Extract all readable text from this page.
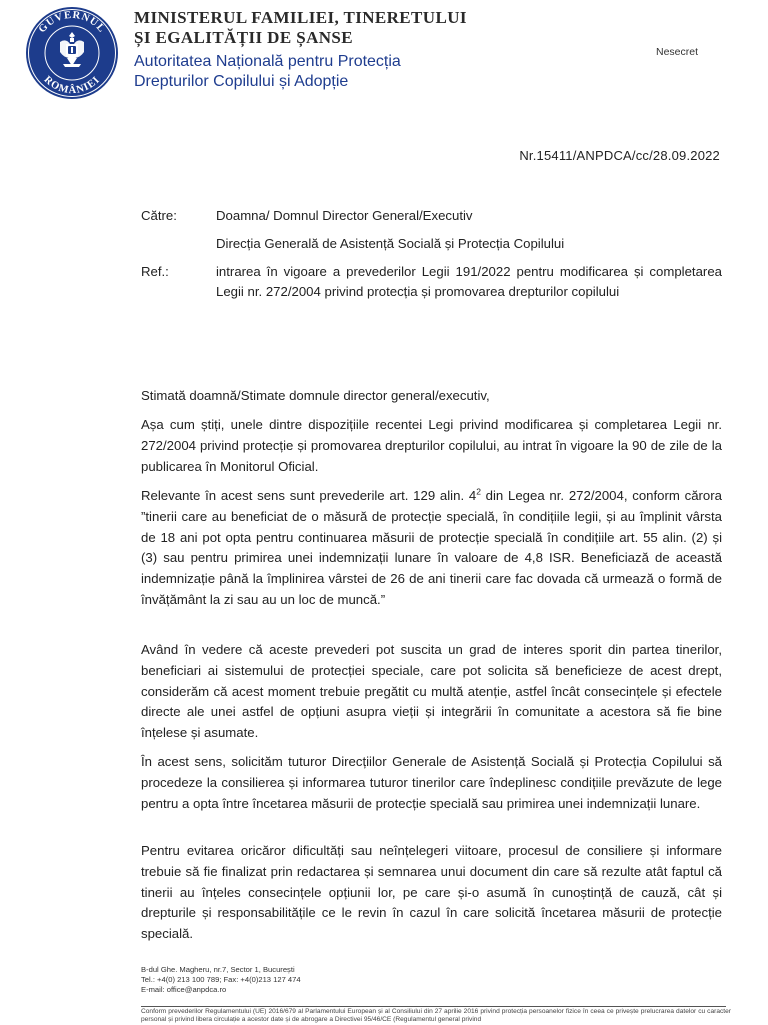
GUVERNUL
ROMÂNIEI
MINISTERUL FAMILIEI, TINERETULUI
ȘI EGALITĂȚII DE ȘANSE
Autoritatea Națională pentru Protecția
Drepturilor Copilului și Adopție
Nesecret
Nr.15411/ANPDCA/cc/28.09.2022
Către:	Doamna/ Domnul Director General/Executiv
Direcția Generală de Asistență Socială și Protecția Copilului
Ref.:	intrarea în vigoare a prevederilor Legii 191/2022 pentru modificarea și completarea Legii nr. 272/2004 privind protecția și promovarea drepturilor copilului

Stimată doamnă/Stimate domnule director general/executiv,

Așa cum știți, unele dintre dispozițiile recentei Legi privind modificarea și completarea Legii nr. 272/2004 privind protecție și promovarea drepturilor copilului, au intrat în vigoare la 90 de zile de la publicarea în Monitorul Oficial.

Relevante în acest sens sunt prevederile art. 129 alin. $4^2$ din Legea nr. 272/2004, conform cărora ”tinerii care au beneficiat de o măsură de protecție specială, în condițiile legii, și au împlinit vârsta de 18 ani pot opta pentru continuarea măsurii de protecție specială în condițiile art. 55 alin. (2) și (3) sau pentru primirea unei indemnizații lunare în valoare de 4,8 ISR. Beneficiază de această indemnizație până la împlinirea vârstei de 26 de ani tinerii care fac dovada că urmează o formă de învățământ la zi sau au un loc de muncă.”

Având în vedere că aceste prevederi pot suscita un grad de interes sporit din partea tinerilor, beneficiari ai sistemului de protecției speciale, care pot solicita să beneficieze de acest drept, considerăm că acest moment trebuie pregătit cu multă atenție, astfel încât consecințele și efectele directe ale unei astfel de opțiuni asupra vieții și integrării în comunitate a acestora să fie bine înțelese și asumate.

În acest sens, solicităm tuturor Direcțiilor Generale de Asistență Socială și Protecția Copilului să procedeze la consilierea și informarea tuturor tinerilor care îndeplinesc condițiile prevăzute de lege pentru a opta între încetarea măsurii de protecție specială sau primirea unei indemnizații lunare.

Pentru evitarea oricăror dificultăți sau neînțelegeri viitoare, procesul de consiliere și informare trebuie să fie finalizat prin redactarea și semnarea unui document din care să rezulte atât faptul că tinerii au înțeles consecințele opțiunii lor, pe care și-o asumă în cunoștință de cauză, cât și drepturile și responsabilitățile ce le revin în cazul în care solicită încetarea măsurii de protecție specială.

B-dul Ghe. Magheru, nr.7, Sector 1, București
Tel.: +4(0) 213 100 789; Fax: +4(0)213 127 474
E-mail: office@anpdca.ro
Conform prevederilor Regulamentului (UE) 2016/679 al Parlamentului European și al Consiliului din 27 aprilie 2016 privind protecția persoanelor fizice în ceea ce privește prelucrarea datelor cu caracter personal și privind libera circulație a acestor date și de abrogare a Directivei 95/46/CE (Regulamentul general privind
